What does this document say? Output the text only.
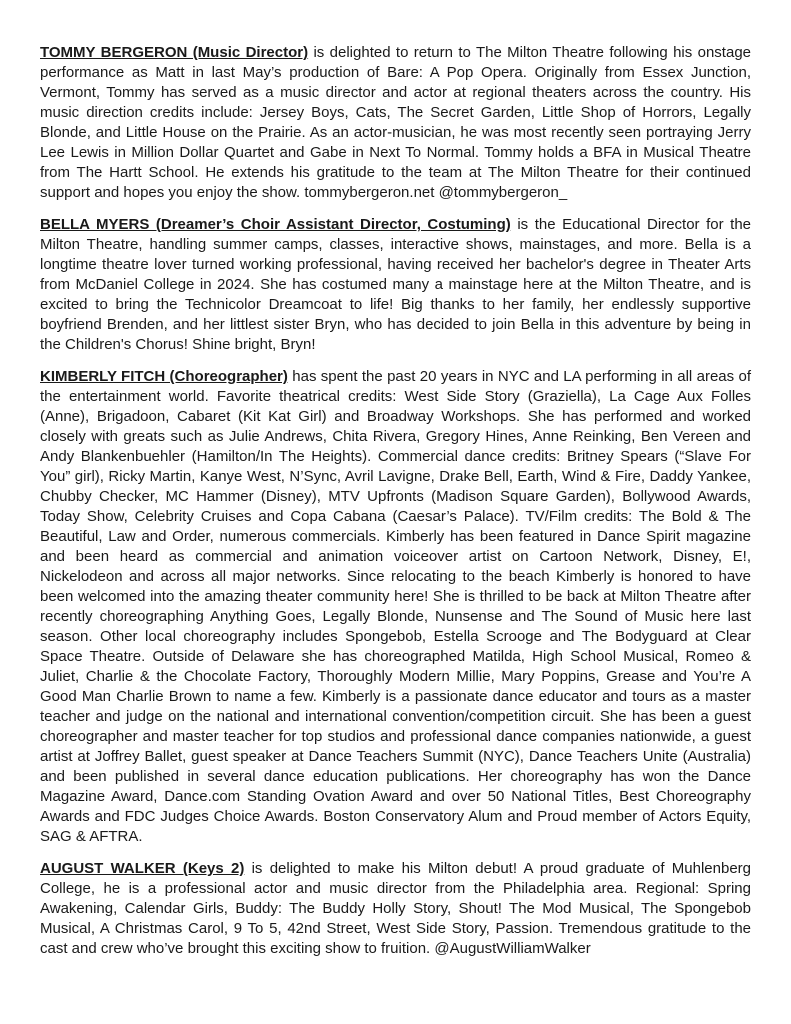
TOMMY BERGERON (Music Director) is delighted to return to The Milton Theatre following his onstage performance as Matt in last May’s production of Bare: A Pop Opera. Originally from Essex Junction, Vermont, Tommy has served as a music director and actor at regional theaters across the country. His music direction credits include: Jersey Boys, Cats, The Secret Garden, Little Shop of Horrors, Legally Blonde, and Little House on the Prairie. As an actor-musician, he was most recently seen portraying Jerry Lee Lewis in Million Dollar Quartet and Gabe in Next To Normal. Tommy holds a BFA in Musical Theatre from The Hartt School. He extends his gratitude to the team at The Milton Theatre for their continued support and hopes you enjoy the show. tommybergeron.net @tommybergeron_

BELLA MYERS (Dreamer’s Choir Assistant Director, Costuming) is the Educational Director for the Milton Theatre, handling summer camps, classes, interactive shows, mainstages, and more. Bella is a longtime theatre lover turned working professional, having received her bachelor's degree in Theater Arts from McDaniel College in 2024. She has costumed many a mainstage here at the Milton Theatre, and is excited to bring the Technicolor Dreamcoat to life! Big thanks to her family, her endlessly supportive boyfriend Brenden, and her littlest sister Bryn, who has decided to join Bella in this adventure by being in the Children's Chorus! Shine bright, Bryn!

KIMBERLY FITCH (Choreographer) has spent the past 20 years in NYC and LA performing in all areas of the entertainment world. Favorite theatrical credits: West Side Story (Graziella), La Cage Aux Folles (Anne), Brigadoon, Cabaret (Kit Kat Girl) and Broadway Workshops. She has performed and worked closely with greats such as Julie Andrews, Chita Rivera, Gregory Hines, Anne Reinking, Ben Vereen and Andy Blankenbuehler (Hamilton/In The Heights). Commercial dance credits: Britney Spears (“Slave For You” girl), Ricky Martin, Kanye West, N’Sync, Avril Lavigne, Drake Bell, Earth, Wind & Fire, Daddy Yankee, Chubby Checker, MC Hammer (Disney), MTV Upfronts (Madison Square Garden), Bollywood Awards, Today Show, Celebrity Cruises and Copa Cabana (Caesar’s Palace). TV/Film credits: The Bold & The Beautiful, Law and Order, numerous commercials. Kimberly has been featured in Dance Spirit magazine and been heard as commercial and animation voiceover artist on Cartoon Network, Disney, E!, Nickelodeon and across all major networks. Since relocating to the beach Kimberly is honored to have been welcomed into the amazing theater community here! She is thrilled to be back at Milton Theatre after recently choreographing Anything Goes, Legally Blonde, Nunsense and The Sound of Music here last season. Other local choreography includes Spongebob, Estella Scrooge and The Bodyguard at Clear Space Theatre. Outside of Delaware she has choreographed Matilda, High School Musical, Romeo & Juliet, Charlie & the Chocolate Factory, Thoroughly Modern Millie, Mary Poppins, Grease and You’re A Good Man Charlie Brown to name a few. Kimberly is a passionate dance educator and tours as a master teacher and judge on the national and international convention/competition circuit. She has been a guest choreographer and master teacher for top studios and professional dance companies nationwide, a guest artist at Joffrey Ballet, guest speaker at Dance Teachers Summit (NYC), Dance Teachers Unite (Australia) and been published in several dance education publications. Her choreography has won the Dance Magazine Award, Dance.com Standing Ovation Award and over 50 National Titles, Best Choreography Awards and FDC Judges Choice Awards. Boston Conservatory Alum and Proud member of Actors Equity, SAG & AFTRA.

AUGUST WALKER (Keys 2) is delighted to make his Milton debut! A proud graduate of Muhlenberg College, he is a professional actor and music director from the Philadelphia area. Regional: Spring Awakening, Calendar Girls, Buddy: The Buddy Holly Story, Shout! The Mod Musical, The Spongebob Musical, A Christmas Carol, 9 To 5, 42nd Street, West Side Story, Passion. Tremendous gratitude to the cast and crew who’ve brought this exciting show to fruition. @AugustWilliamWalker
